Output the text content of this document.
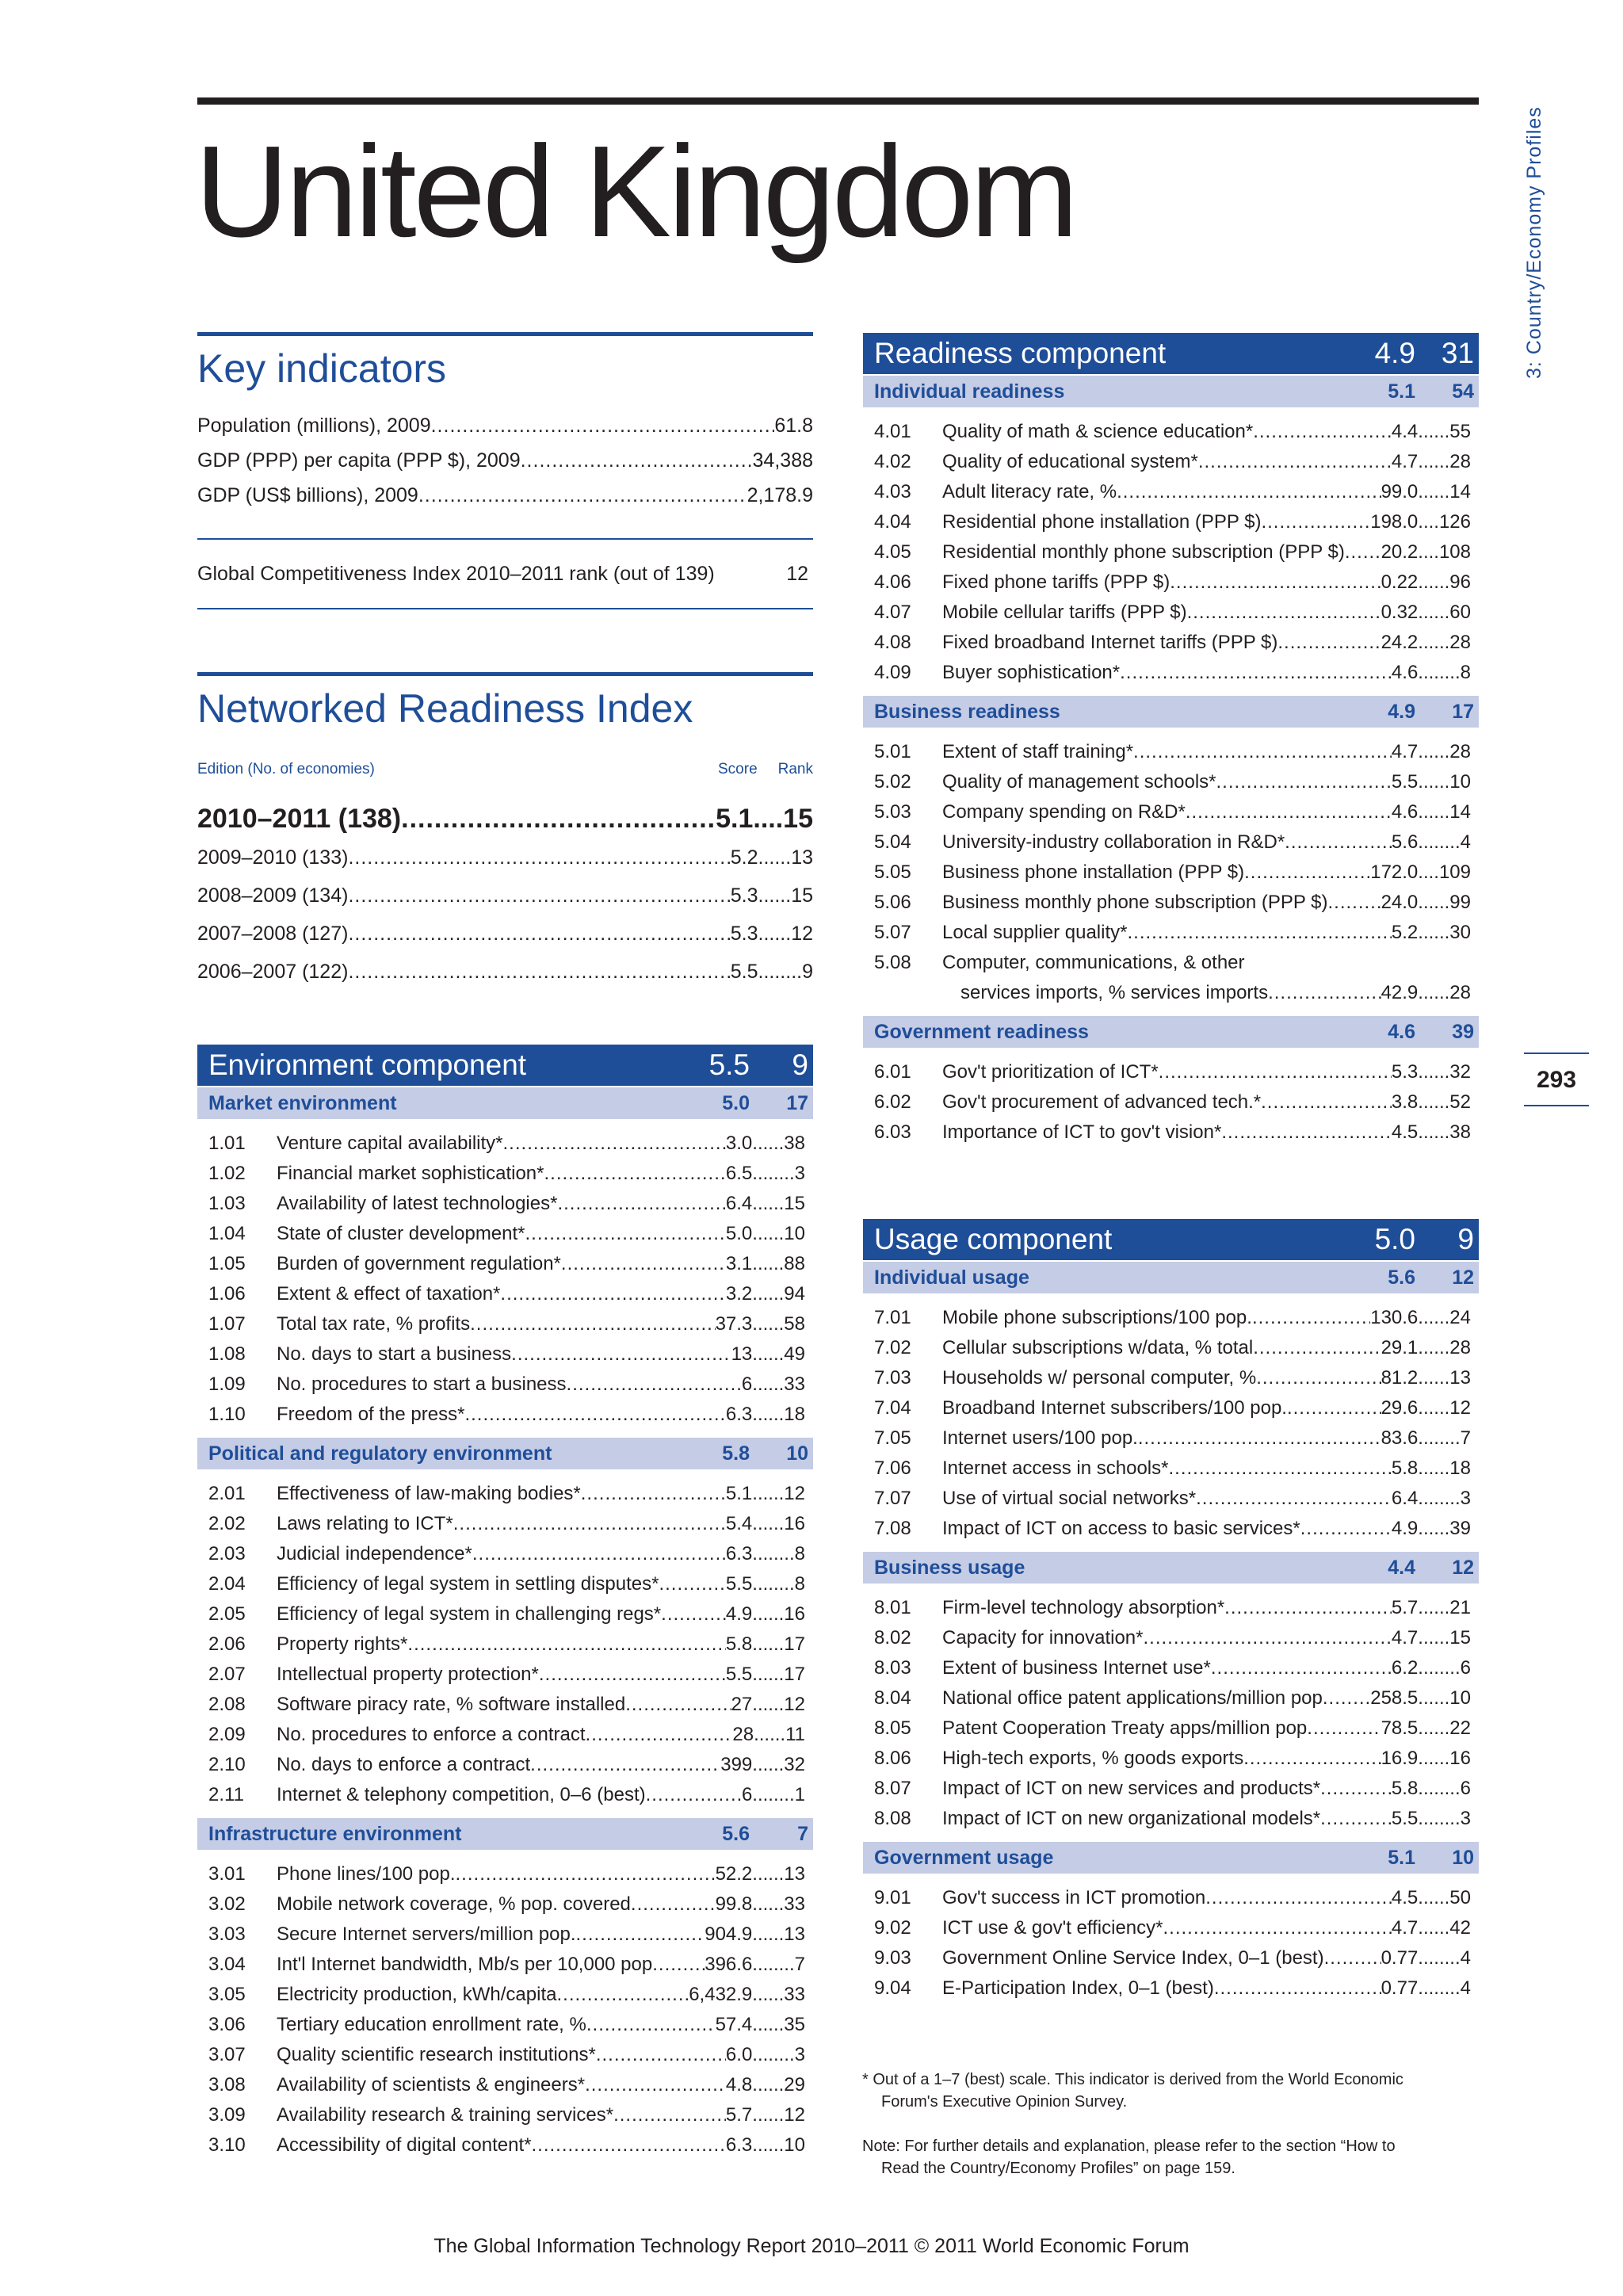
United Kingdom	3: Country/Economy Profiles
293
Key indicators
Population (millions), 2009 .....	61.8
GDP (PPP) per capita (PPP $), 2009 .....	34,388
GDP (US$ billions), 2009 .....	2,178.9
Global Competitiveness Index 2010–2011 rank (out of 139)	12
Networked Readiness Index
Edition (No. of economies)	Score Rank
2010–2011 (138) .....	5.1 .... 15
2009–2010 (133) .....	5.2 ...... 13
2008–2009 (134) .....	5.3 ...... 15
2007–2008 (127) .....	5.3 ...... 12
2006–2007 (122) .....	5.5 ........ 9
Environment component	5.5	9
Market environment	5.0	17
1.01	Venture capital availability* .....	3.0 ...... 38
1.02	Financial market sophistication* .....	6.5 ........ 3
1.03	Availability of latest technologies* .....	6.4 ...... 15
1.04	State of cluster development* .....	5.0 ...... 10
1.05	Burden of government regulation* .....	3.1 ...... 88
1.06	Extent & effect of taxation* .....	3.2 ...... 94
1.07	Total tax rate, % profits .....	37.3 ...... 58
1.08	No. days to start a business .....	13 ...... 49
1.09	No. procedures to start a business .....	6 ...... 33
1.10	Freedom of the press* .....	6.3 ...... 18
Political and regulatory environment	5.8	10
2.01	Effectiveness of law-making bodies* .....	5.1 ...... 12
2.02	Laws relating to ICT* .....	5.4 ...... 16
2.03	Judicial independence* .....	6.3 ........ 8
2.04	Efficiency of legal system in settling disputes* .....	5.5 ........ 8
2.05	Efficiency of legal system in challenging regs* .....	4.9 ...... 16
2.06	Property rights* .....	5.8 ...... 17
2.07	Intellectual property protection* .....	5.5 ...... 17
2.08	Software piracy rate, % software installed .....	27 ...... 12
2.09	No. procedures to enforce a contract .....	28 ...... 11
2.10	No. days to enforce a contract .....	399 ...... 32
2.11	Internet & telephony competition, 0–6 (best) .....	6 ........ 1
Infrastructure environment	5.6	7
3.01	Phone lines/100 pop. .....	52.2 ...... 13
3.02	Mobile network coverage, % pop. covered .....	99.8 ...... 33
3.03	Secure Internet servers/million pop. .....	904.9 ...... 13
3.04	Int'l Internet bandwidth, Mb/s per 10,000 pop .....	396.6 ........ 7
3.05	Electricity production, kWh/capita .....	6,432.9 ...... 33
3.06	Tertiary education enrollment rate, % .....	57.4 ...... 35
3.07	Quality scientific research institutions* .....	6.0 ........ 3
3.08	Availability of scientists & engineers* .....	4.8 ...... 29
3.09	Availability research & training services* .....	5.7 ...... 12
3.10	Accessibility of digital content* .....	6.3 ...... 10
Readiness component	4.9 31
Individual readiness	5.1	54
4.01	Quality of math & science education* .....	4.4 ...... 55
4.02	Quality of educational system* .....	4.7 ...... 28
4.03	Adult literacy rate, % .....	99.0 ...... 14
4.04	Residential phone installation (PPP $) .....	198.0 .... 126
4.05	Residential monthly phone subscription (PPP $) ..... 20.2 .... 108
4.06	Fixed phone tariffs (PPP $) .....	0.22 ...... 96
4.07	Mobile cellular tariffs (PPP $) .....	0.32 ...... 60
4.08	Fixed broadband Internet tariffs (PPP $) .....	24.2 ...... 28
4.09	Buyer sophistication* .....	4.6 ........ 8
Business readiness	4.9	17
5.01	Extent of staff training* .....	4.7 ...... 28
5.02	Quality of management schools* .....	5.5 ...... 10
5.03	Company spending on R&D* .....	4.6 ...... 14
5.04	University-industry collaboration in R&D* .....	5.6 ........ 4
5.05	Business phone installation (PPP $) .....	172.0 .... 109
5.06	Business monthly phone subscription (PPP $) .....	24.0 ...... 99
5.07	Local supplier quality* .....	5.2 ...... 30
5.08	Computer, communications, & other
services imports, % services imports .....	42.9 ...... 28
Government readiness	4.6	39
6.01	Gov't prioritization of ICT* .....	5.3 ...... 32
6.02	Gov't procurement of advanced tech.* .....	3.8 ...... 52
6.03	Importance of ICT to gov't vision* .....	4.5 ...... 38
Usage component	5.0	9
Individual usage	5.6	12
7.01	Mobile phone subscriptions/100 pop. .....	130.6 ...... 24
7.02	Cellular subscriptions w/data, % total .....	29.1 ...... 28
7.03	Households w/ personal computer, % .....	81.2 ...... 13
7.04	Broadband Internet subscribers/100 pop. .....	29.6 ...... 12
7.05	Internet users/100 pop. .....	83.6 ........ 7
7.06	Internet access in schools* .....	5.8 ...... 18
7.07	Use of virtual social networks* .....	6.4 ........ 3
7.08	Impact of ICT on access to basic services* .....	4.9 ...... 39
Business usage	4.4	12
8.01	Firm-level technology absorption* .....	5.7 ...... 21
8.02	Capacity for innovation* .....	4.7 ...... 15
8.03	Extent of business Internet use* .....	6.2 ........ 6
8.04	National office patent applications/million pop .....	258.5 ...... 10
8.05	Patent Cooperation Treaty apps/million pop .....	78.5 ...... 22
8.06	High-tech exports, % goods exports .....	16.9 ...... 16
8.07	Impact of ICT on new services and products* .....	5.8 ........ 6
8.08	Impact of ICT on new organizational models* .....	5.5 ........ 3
Government usage	5.1	10
9.01	Gov't success in ICT promotion .....	4.5 ...... 50
9.02	ICT use & gov't efficiency* .....	4.7 ...... 42
9.03	Government Online Service Index, 0–1 (best) .....	0.77 ........ 4
9.04	E-Participation Index, 0–1 (best) .....	0.77 ........ 4
* Out of a 1–7 (best) scale. This indicator is derived from the World Economic
Forum's Executive Opinion Survey.
Note: For further details and explanation, please refer to the section “How to
Read the Country/Economy Profiles” on page 159.
The Global Information Technology Report 2010–2011 © 2011 World Economic Forum
